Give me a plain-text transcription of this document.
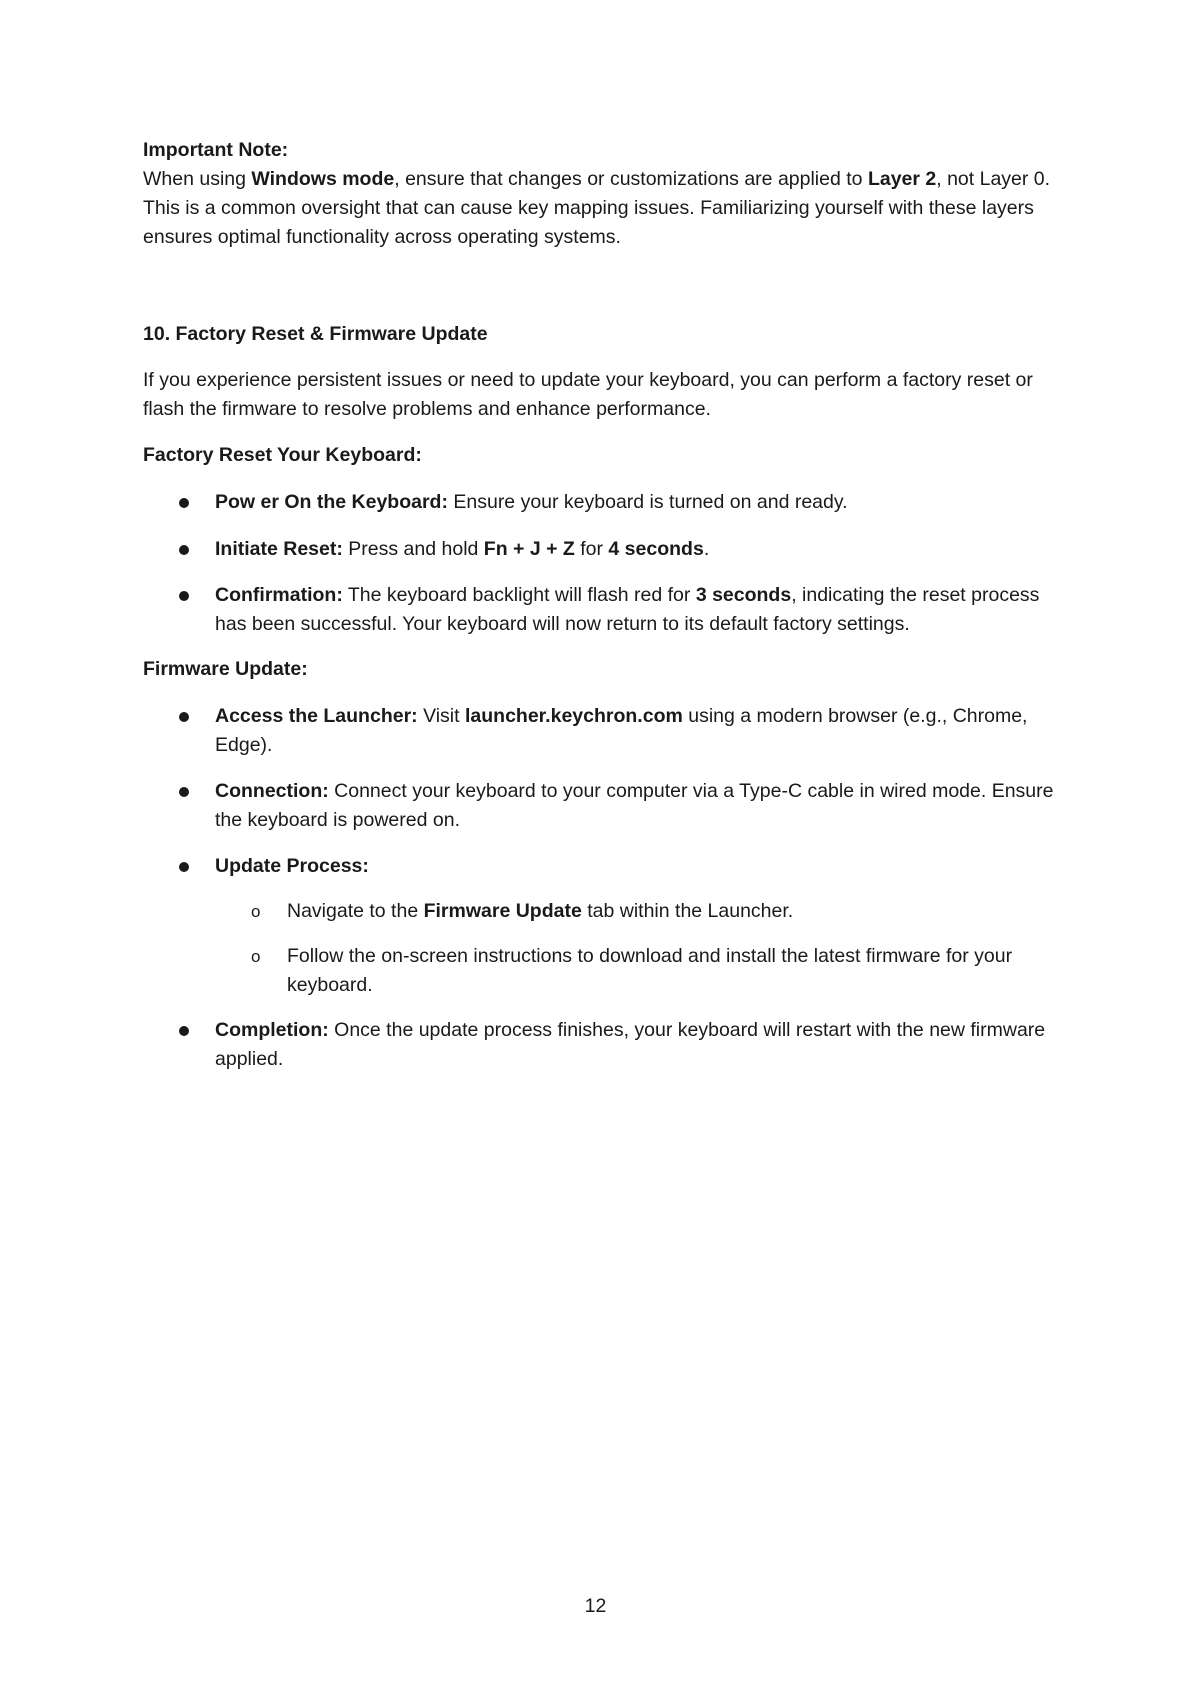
Important Note:

When using Windows mode, ensure that changes or customizations are applied to Layer 2, not Layer 0. This is a common oversight that can cause key mapping issues. Familiarizing yourself with these layers ensures optimal functionality across operating systems.

10. Factory Reset & Firmware Update

If you experience persistent issues or need to update your keyboard, you can perform a factory reset or flash the firmware to resolve problems and enhance performance.

Factory Reset Your Keyboard:

Pow er On the Keyboard: Ensure your keyboard is turned on and ready.
Initiate Reset: Press and hold Fn + J + Z for 4 seconds.
Confirmation: The keyboard backlight will flash red for 3 seconds, indicating the reset process has been successful. Your keyboard will now return to its default factory settings.

Firmware Update:

Access the Launcher: Visit launcher.keychron.com using a modern browser (e.g., Chrome, Edge).
Connection: Connect your keyboard to your computer via a Type-C cable in wired mode. Ensure the keyboard is powered on.
Update Process:
o Navigate to the Firmware Update tab within the Launcher.
o Follow the on-screen instructions to download and install the latest firmware for your keyboard.
Completion: Once the update process finishes, your keyboard will restart with the new firmware applied.
12
